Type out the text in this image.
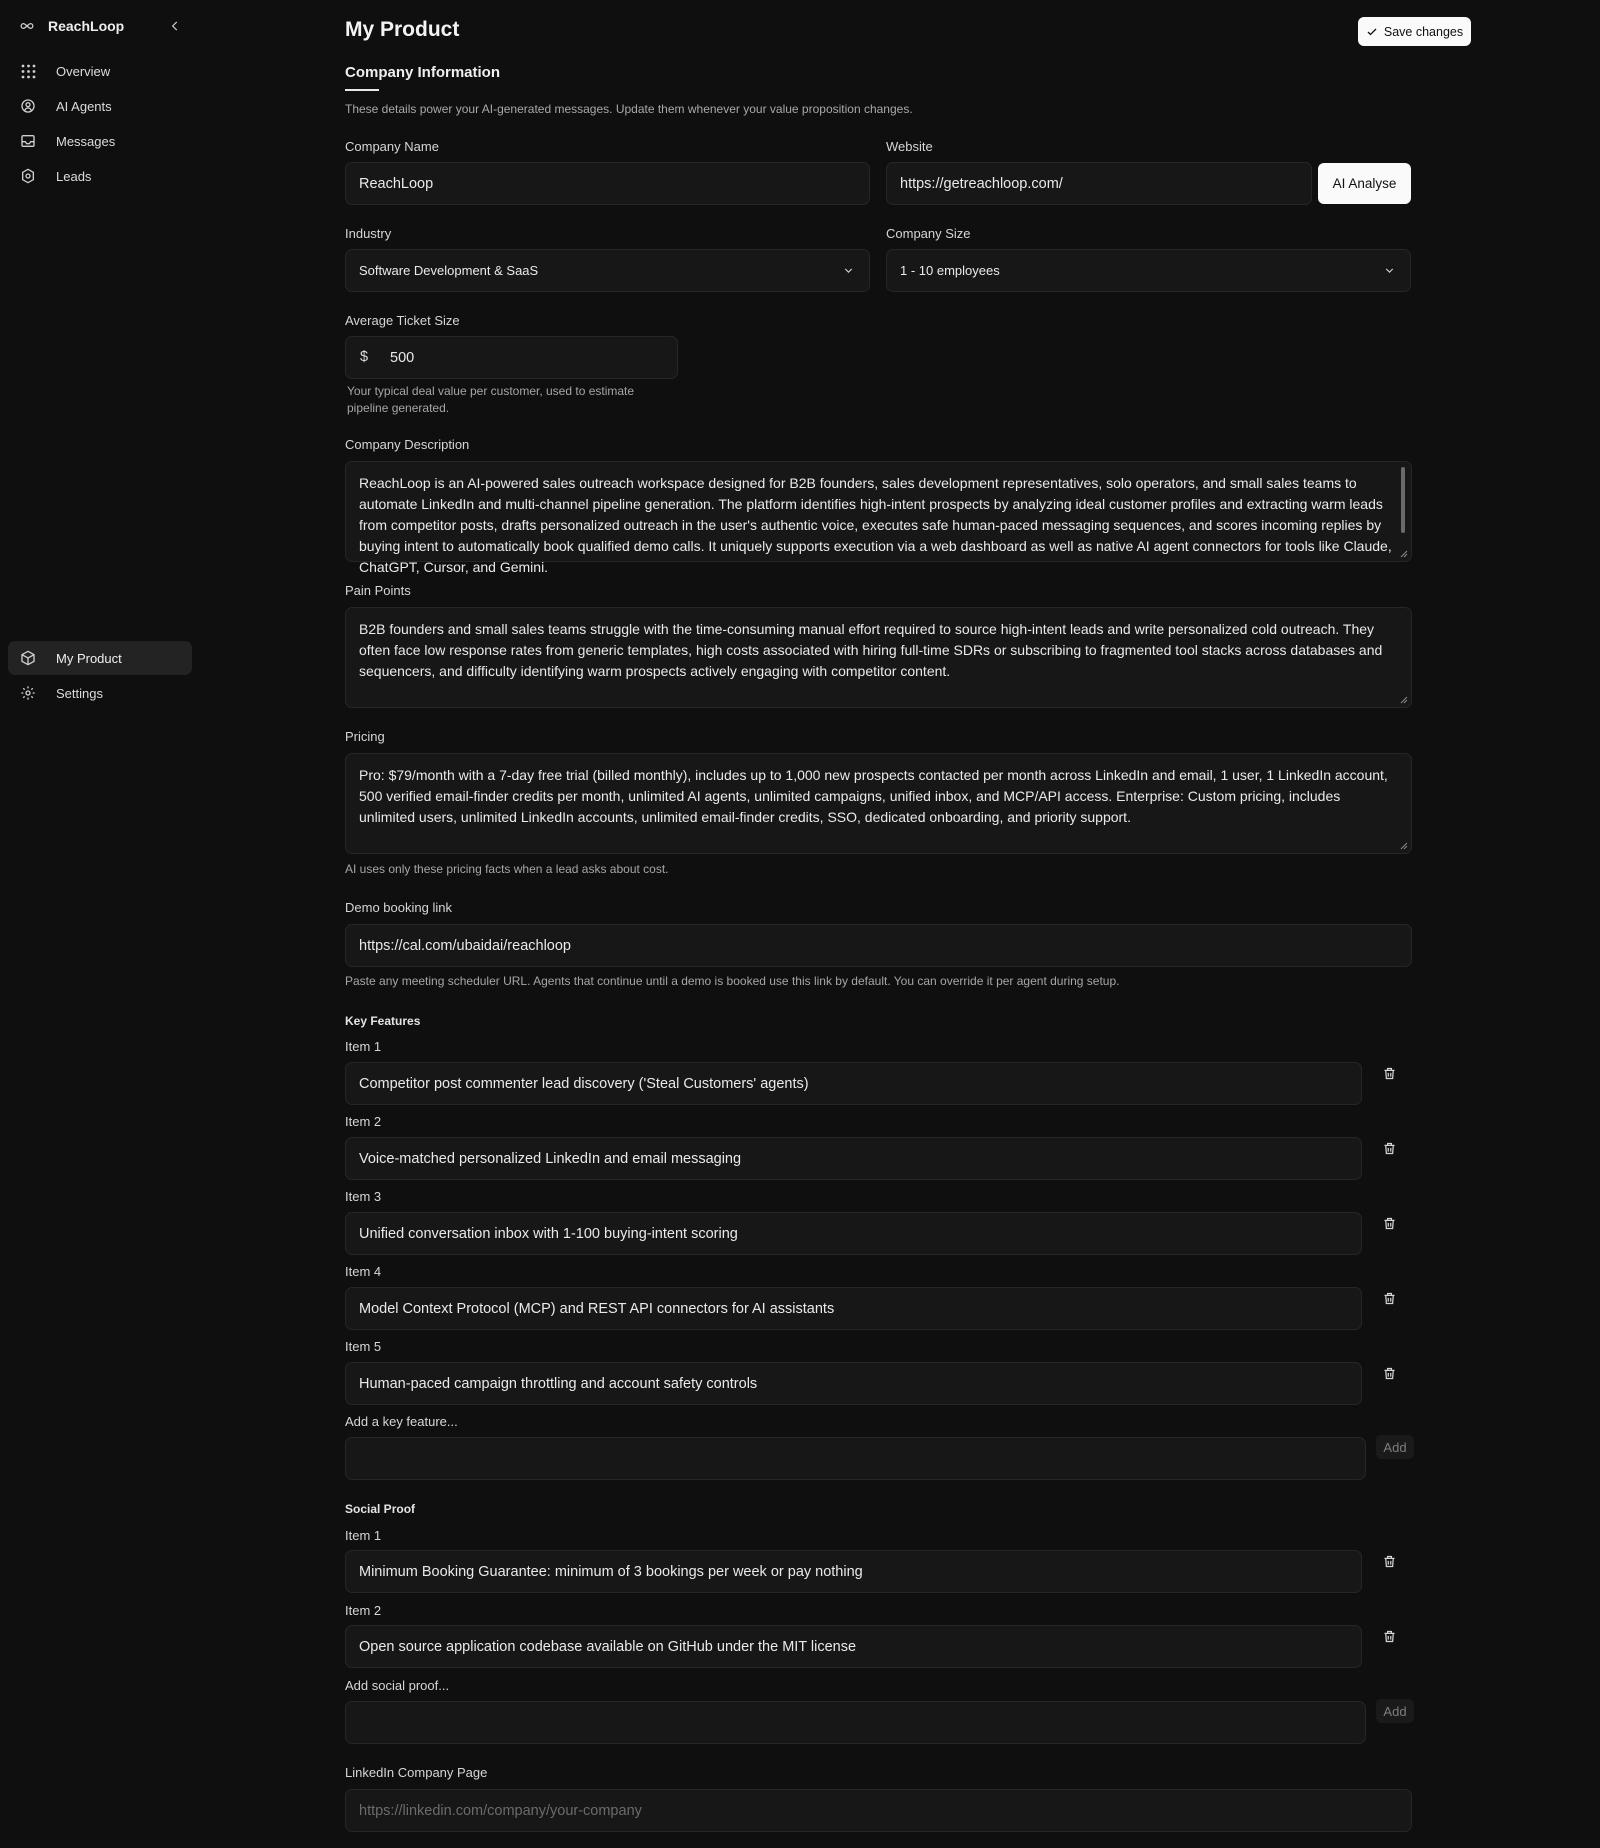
ReachLoop
Overview
AI Agents
Messages
Leads
My Product
Settings
My Product	Save changes
Company Information
These details power your AI-generated messages. Update them whenever your value proposition changes.
Company Name
ReachLoop
Website
https://getreachloop.com/	AI Analyse
Industry
Software Development & SaaS
Company Size
1 - 10 employees
Average Ticket Size
500
$
Your typical deal value per customer, used to estimate pipeline generated.
Company Description
ReachLoop is an AI-powered sales outreach workspace designed for B2B founders, sales development representatives, solo operators, and small sales teams to automate LinkedIn and multi-channel pipeline generation. The platform identifies high-intent prospects by analyzing ideal customer profiles and extracting warm leads from competitor posts, drafts personalized outreach in the user's authentic voice, executes safe human-paced messaging sequences, and scores incoming replies by buying intent to automatically book qualified demo calls. It uniquely supports execution via a web dashboard as well as native AI agent connectors for tools like Claude, ChatGPT, Cursor, and Gemini.
Pain Points
B2B founders and small sales teams struggle with the time-consuming manual effort required to source high-intent leads and write personalized cold outreach. They often face low response rates from generic templates, high costs associated with hiring full-time SDRs or subscribing to fragmented tool stacks across databases and sequencers, and difficulty identifying warm prospects actively engaging with competitor content.
Pricing
Pro: $79/month with a 7-day free trial (billed monthly), includes up to 1,000 new prospects contacted per month across LinkedIn and email, 1 user, 1 LinkedIn account, 500 verified email-finder credits per month, unlimited AI agents, unlimited campaigns, unified inbox, and MCP/API access. Enterprise: Custom pricing, includes unlimited users, unlimited LinkedIn accounts, unlimited email-finder credits, SSO, dedicated onboarding, and priority support.
AI uses only these pricing facts when a lead asks about cost.
Demo booking link
https://cal.com/ubaidai/reachloop
Paste any meeting scheduler URL. Agents that continue until a demo is booked use this link by default. You can override it per agent during setup.
Key Features
Item 1
Competitor post commenter lead discovery ('Steal Customers' agents)
Item 2
Voice-matched personalized LinkedIn and email messaging
Item 3
Unified conversation inbox with 1-100 buying-intent scoring
Item 4
Model Context Protocol (MCP) and REST API connectors for AI assistants
Item 5
Human-paced campaign throttling and account safety controls
Add a key feature...
Add
Social Proof
Item 1
Minimum Booking Guarantee: minimum of 3 bookings per week or pay nothing
Item 2
Open source application codebase available on GitHub under the MIT license
Add social proof...
Add
LinkedIn Company Page
https://linkedin.com/company/your-company
